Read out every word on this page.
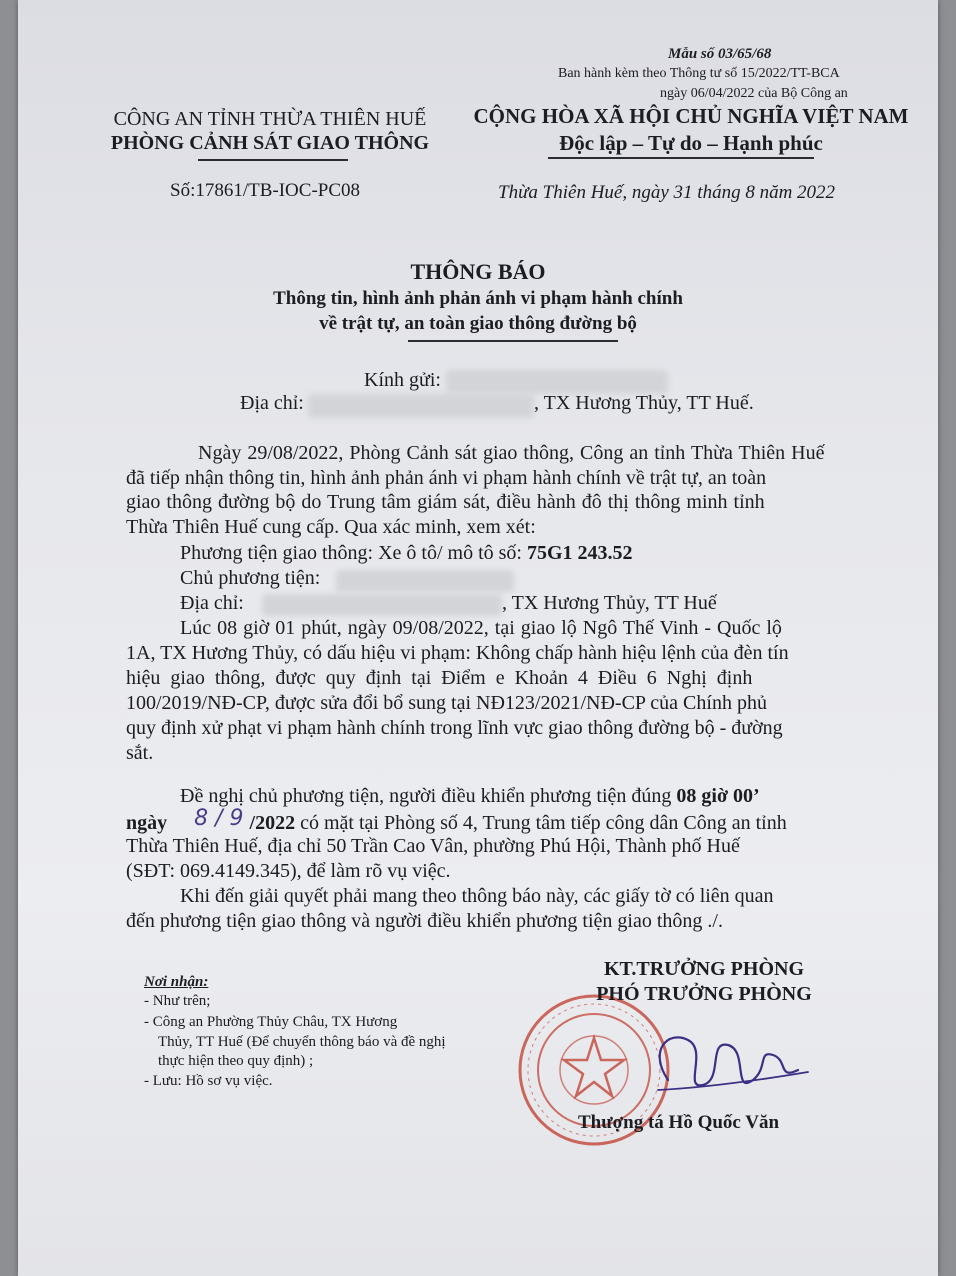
Mẫu số 03/65/68
Ban hành kèm theo Thông tư số 15/2022/TT-BCA
ngày 06/04/2022 của Bộ Công an
CÔNG AN TỈNH THỪA THIÊN HUẾ
PHÒNG CẢNH SÁT GIAO THÔNG
CỘNG HÒA XÃ HỘI CHỦ NGHĨA VIỆT NAM
Độc lập – Tự do – Hạnh phúc
Số:17861/TB-IOC-PC08	Thừa Thiên Huế, ngày 31 tháng 8 năm 2022
THÔNG BÁO
Thông tin, hình ảnh phản ánh vi phạm hành chính
về trật tự, an toàn giao thông đường bộ
Kính gửi:
Địa chỉ:	, TX Hương Thủy, TT Huế.
Ngày 29/08/2022, Phòng Cảnh sát giao thông, Công an tỉnh Thừa Thiên Huế
đã tiếp nhận thông tin, hình ảnh phản ánh vi phạm hành chính về trật tự, an toàn
giao thông đường bộ do Trung tâm giám sát, điều hành đô thị thông minh tỉnh
Thừa Thiên Huế cung cấp. Qua xác minh, xem xét:
Phương tiện giao thông: Xe ô tô/ mô tô số: 75G1 243.52
Chủ phương tiện:
Địa chỉ:	, TX Hương Thủy, TT Huế
Lúc 08 giờ 01 phút, ngày 09/08/2022, tại giao lộ Ngô Thế Vinh - Quốc lộ
1A, TX Hương Thủy, có dấu hiệu vi phạm: Không chấp hành hiệu lệnh của đèn tín
hiệu giao thông, được quy định tại Điểm e Khoản 4 Điều 6 Nghị định
100/2019/NĐ-CP, được sửa đổi bổ sung tại NĐ123/2021/NĐ-CP của Chính phủ
quy định xử phạt vi phạm hành chính trong lĩnh vực giao thông đường bộ - đường
sắt.
Đề nghị chủ phương tiện, người điều khiển phương tiện đúng 08 giờ 00’
ngày 8 / 9 /2022 có mặt tại Phòng số 4, Trung tâm tiếp công dân Công an tỉnh
Thừa Thiên Huế, địa chỉ 50 Trần Cao Vân, phường Phú Hội, Thành phố Huế
(SĐT: 069.4149.345), để làm rõ vụ việc.
Khi đến giải quyết phải mang theo thông báo này, các giấy tờ có liên quan
đến phương tiện giao thông và người điều khiển phương tiện giao thông ./.
Nơi nhận:
- Như trên;
- Công an Phường Thủy Châu, TX Hương
Thủy, TT Huế (Để chuyển thông báo và đề nghị
thực hiện theo quy định) ;
- Lưu: Hồ sơ vụ việc.
KT.TRƯỞNG PHÒNG
PHÓ TRƯỞNG PHÒNG
Thượng tá Hồ Quốc Văn
